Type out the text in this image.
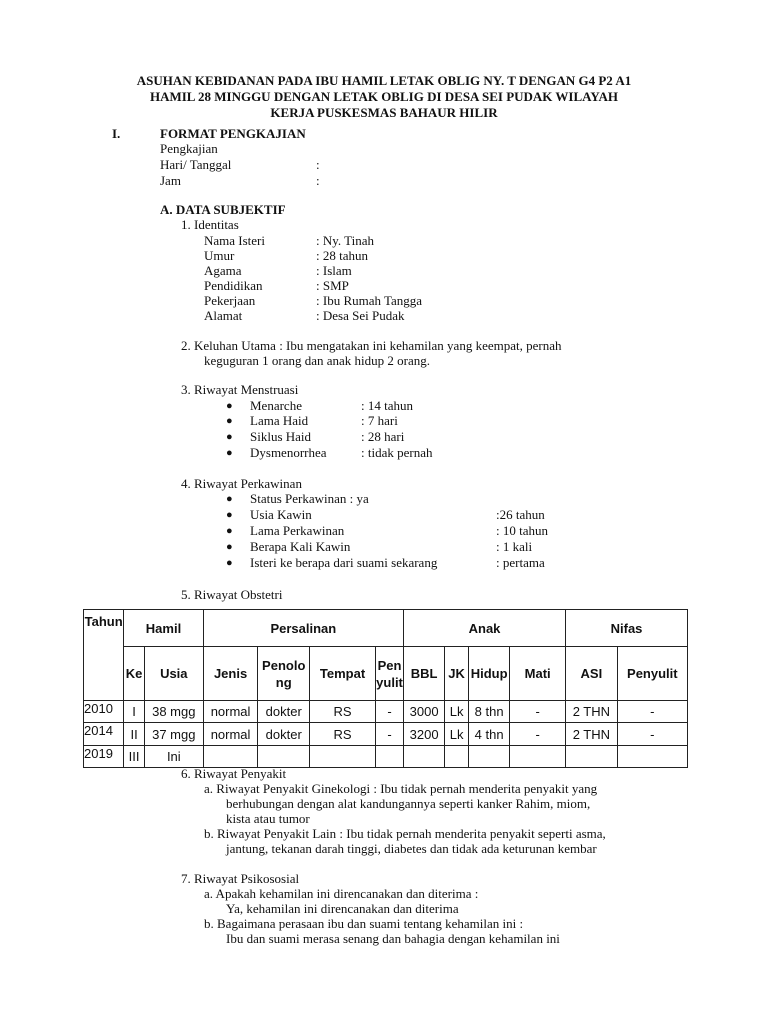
ASUHAN KEBIDANAN PADA IBU HAMIL LETAK OBLIG NY. T DENGAN G4 P2 A1
HAMIL 28 MINGGU DENGAN LETAK OBLIG DI DESA SEI PUDAK WILAYAH
KERJA PUSKESMAS BAHAUR HILIR
I.	FORMAT PENGKAJIAN
Pengkajian
Hari/ Tanggal	:
Jam	:
A. DATA SUBJEKTIF
1. Identitas
Nama Isteri	: Ny. Tinah
Umur	: 28 tahun
Agama	: Islam
Pendidikan	: SMP
Pekerjaan	: Ibu Rumah Tangga
Alamat	: Desa Sei Pudak
2. Keluhan Utama : Ibu mengatakan ini kehamilan yang keempat, pernah
keguguran 1 orang dan anak hidup 2 orang.
3. Riwayat Menstruasi
● Menarche	: 14 tahun
● Lama Haid	: 7 hari
● Siklus Haid	: 28 hari
● Dysmenorrhea	: tidak pernah
4. Riwayat Perkawinan
● Status Perkawinan : ya
● Usia Kawin	:26 tahun
● Lama Perkawinan	: 10 tahun
● Berapa Kali Kawin	: 1 kali
● Isteri ke berapa dari suami sekarang	: pertama
5. Riwayat Obstetri
Tahun	Hamil		Persalinan				Anak				Nifas	
	Ke	Usia	Jenis	Penolong	Tempat	Penyulit	BBL	JK	Hidup	Mati	ASI	Penyulit
2010	I	38 mgg	normal	dokter	RS	-	3000	Lk	8 thn	-	2 THN	-
2014	II	37 mgg	normal	dokter	RS	-	3200	Lk	4 thn	-	2 THN	-
2019	III	Ini										
6. Riwayat Penyakit
a. Riwayat Penyakit Ginekologi : Ibu tidak pernah menderita penyakit yang
berhubungan dengan alat kandungannya seperti kanker Rahim, miom,
kista atau tumor
b. Riwayat Penyakit Lain : Ibu tidak pernah menderita penyakit seperti asma,
jantung, tekanan darah tinggi, diabetes dan tidak ada keturunan kembar
7. Riwayat Psikososial
a. Apakah kehamilan ini direncanakan dan diterima :
Ya, kehamilan ini direncanakan dan diterima
b. Bagaimana perasaan ibu dan suami tentang kehamilan ini :
Ibu dan suami merasa senang dan bahagia dengan kehamilan ini
